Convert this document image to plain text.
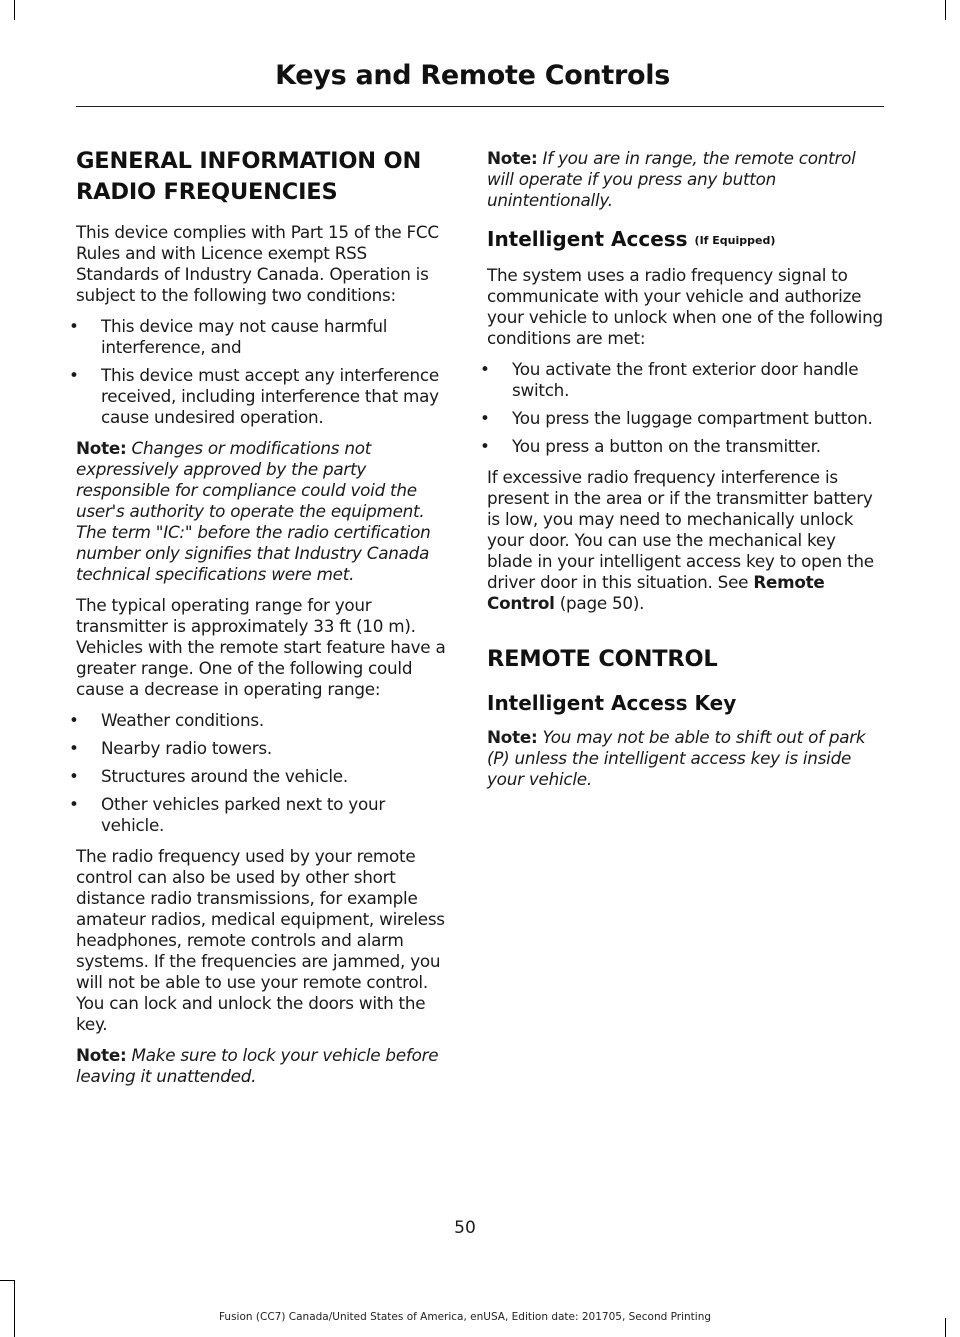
Keys and Remote Controls
GENERAL INFORMATION ON RADIO FREQUENCIES

This device complies with Part 15 of the FCC Rules and with Licence exempt RSS Standards of Industry Canada. Operation is subject to the following two conditions:

•	This device may not cause harmful interference, and
•	This device must accept any interference received, including interference that may cause undesired operation.

Note: Changes or modifications not expressively approved by the party responsible for compliance could void the user's authority to operate the equipment. The term "IC:" before the radio certification number only signifies that Industry Canada technical specifications were met.

The typical operating range for your transmitter is approximately 33 ft (10 m). Vehicles with the remote start feature have a greater range. One of the following could cause a decrease in operating range:

•	Weather conditions.
•	Nearby radio towers.
•	Structures around the vehicle.
•	Other vehicles parked next to your vehicle.

The radio frequency used by your remote control can also be used by other short distance radio transmissions, for example amateur radios, medical equipment, wireless headphones, remote controls and alarm systems. If the frequencies are jammed, you will not be able to use your remote control. You can lock and unlock the doors with the key.

Note: Make sure to lock your vehicle before leaving it unattended.

Note: If you are in range, the remote control will operate if you press any button unintentionally.

Intelligent Access (If Equipped)

The system uses a radio frequency signal to communicate with your vehicle and authorize your vehicle to unlock when one of the following conditions are met:

•	You activate the front exterior door handle switch.
•	You press the luggage compartment button.
•	You press a button on the transmitter.

If excessive radio frequency interference is present in the area or if the transmitter battery is low, you may need to mechanically unlock your door. You can use the mechanical key blade in your intelligent access key to open the driver door in this situation. See Remote Control (page 50).

REMOTE CONTROL
Intelligent Access Key

Note: You may not be able to shift out of park (P) unless the intelligent access key is inside your vehicle.

50
Fusion (CC7) Canada/United States of America, enUSA, Edition date: 201705, Second Printing
